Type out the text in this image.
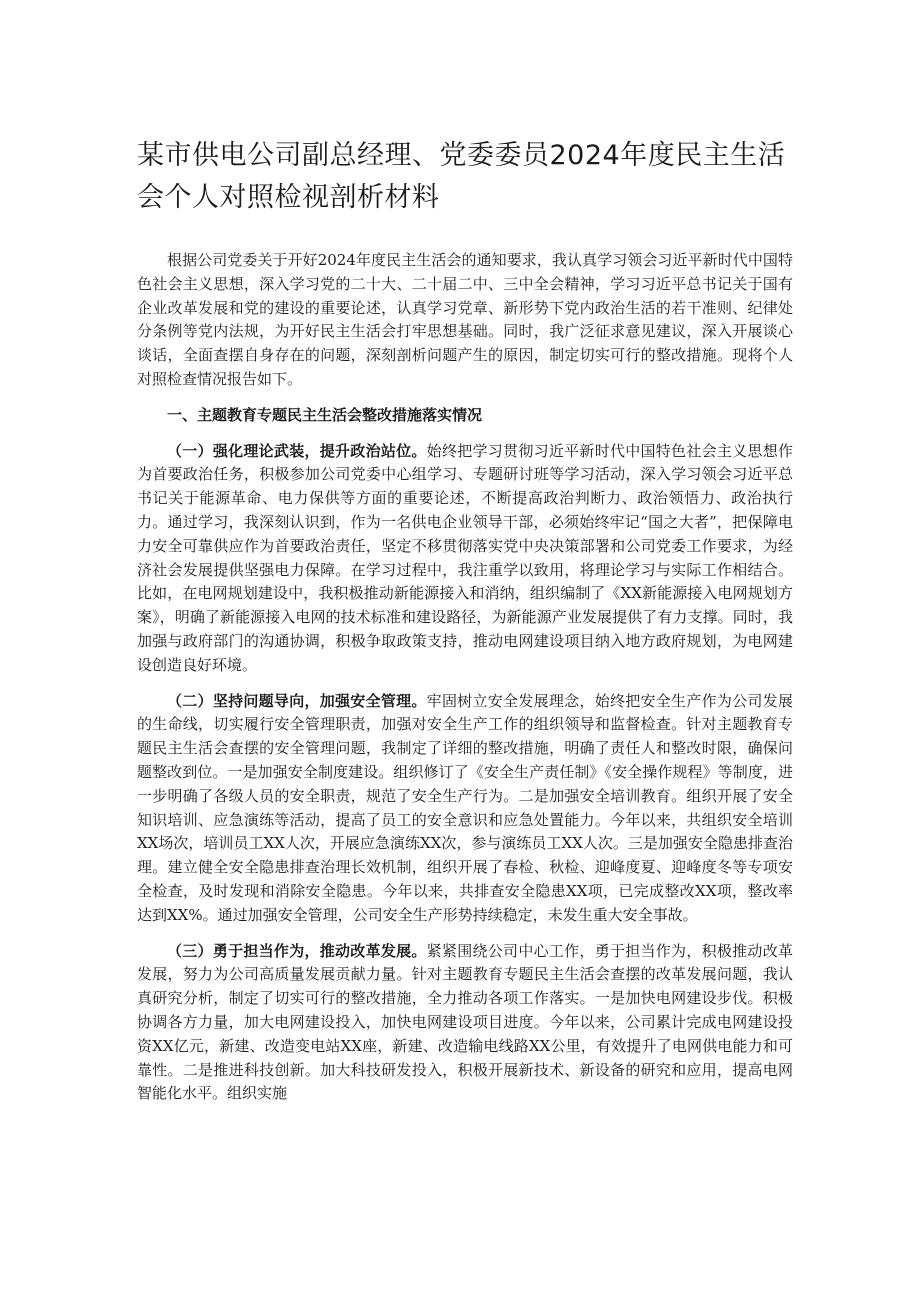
某市供电公司副总经理、党委委员2024年度民主生活会个人对照检视剖析材料

根据公司党委关于开好2024年度民主生活会的通知要求，我认真学习领会习近平新时代中国特色社会主义思想，深入学习党的二十大、二十届二中、三中全会精神，学习习近平总书记关于国有企业改革发展和党的建设的重要论述，认真学习党章、新形势下党内政治生活的若干准则、纪律处分条例等党内法规，为开好民主生活会打牢思想基础。同时，我广泛征求意见建议，深入开展谈心谈话，全面查摆自身存在的问题，深刻剖析问题产生的原因，制定切实可行的整改措施。现将个人对照检查情况报告如下。

一、主题教育专题民主生活会整改措施落实情况

（一）强化理论武装，提升政治站位。始终把学习贯彻习近平新时代中国特色社会主义思想作为首要政治任务，积极参加公司党委中心组学习、专题研讨班等学习活动，深入学习领会习近平总书记关于能源革命、电力保供等方面的重要论述，不断提高政治判断力、政治领悟力、政治执行力。通过学习，我深刻认识到，作为一名供电企业领导干部，必须始终牢记“国之大者”，把保障电力安全可靠供应作为首要政治责任，坚定不移贯彻落实党中央决策部署和公司党委工作要求，为经济社会发展提供坚强电力保障。在学习过程中，我注重学以致用，将理论学习与实际工作相结合。比如，在电网规划建设中，我积极推动新能源接入和消纳，组织编制了《XX新能源接入电网规划方案》，明确了新能源接入电网的技术标准和建设路径，为新能源产业发展提供了有力支撑。同时，我加强与政府部门的沟通协调，积极争取政策支持，推动电网建设项目纳入地方政府规划，为电网建设创造良好环境。

（二）坚持问题导向，加强安全管理。牢固树立安全发展理念，始终把安全生产作为公司发展的生命线，切实履行安全管理职责，加强对安全生产工作的组织领导和监督检查。针对主题教育专题民主生活会查摆的安全管理问题，我制定了详细的整改措施，明确了责任人和整改时限，确保问题整改到位。一是加强安全制度建设。组织修订了《安全生产责任制》《安全操作规程》等制度，进一步明确了各级人员的安全职责，规范了安全生产行为。二是加强安全培训教育。组织开展了安全知识培训、应急演练等活动，提高了员工的安全意识和应急处置能力。今年以来，共组织安全培训XX场次，培训员工XX人次，开展应急演练XX次，参与演练员工XX人次。三是加强安全隐患排查治理。建立健全安全隐患排查治理长效机制，组织开展了春检、秋检、迎峰度夏、迎峰度冬等专项安全检查，及时发现和消除安全隐患。今年以来，共排查安全隐患XX项，已完成整改XX项，整改率达到XX%。通过加强安全管理，公司安全生产形势持续稳定，未发生重大安全事故。

（三）勇于担当作为，推动改革发展。紧紧围绕公司中心工作，勇于担当作为，积极推动改革发展，努力为公司高质量发展贡献力量。针对主题教育专题民主生活会查摆的改革发展问题，我认真研究分析，制定了切实可行的整改措施，全力推动各项工作落实。一是加快电网建设步伐。积极协调各方力量，加大电网建设投入，加快电网建设项目进度。今年以来，公司累计完成电网建设投资XX亿元，新建、改造变电站XX座，新建、改造输电线路XX公里，有效提升了电网供电能力和可靠性。二是推进科技创新。加大科技研发投入，积极开展新技术、新设备的研究和应用，提高电网智能化水平。组织实施
